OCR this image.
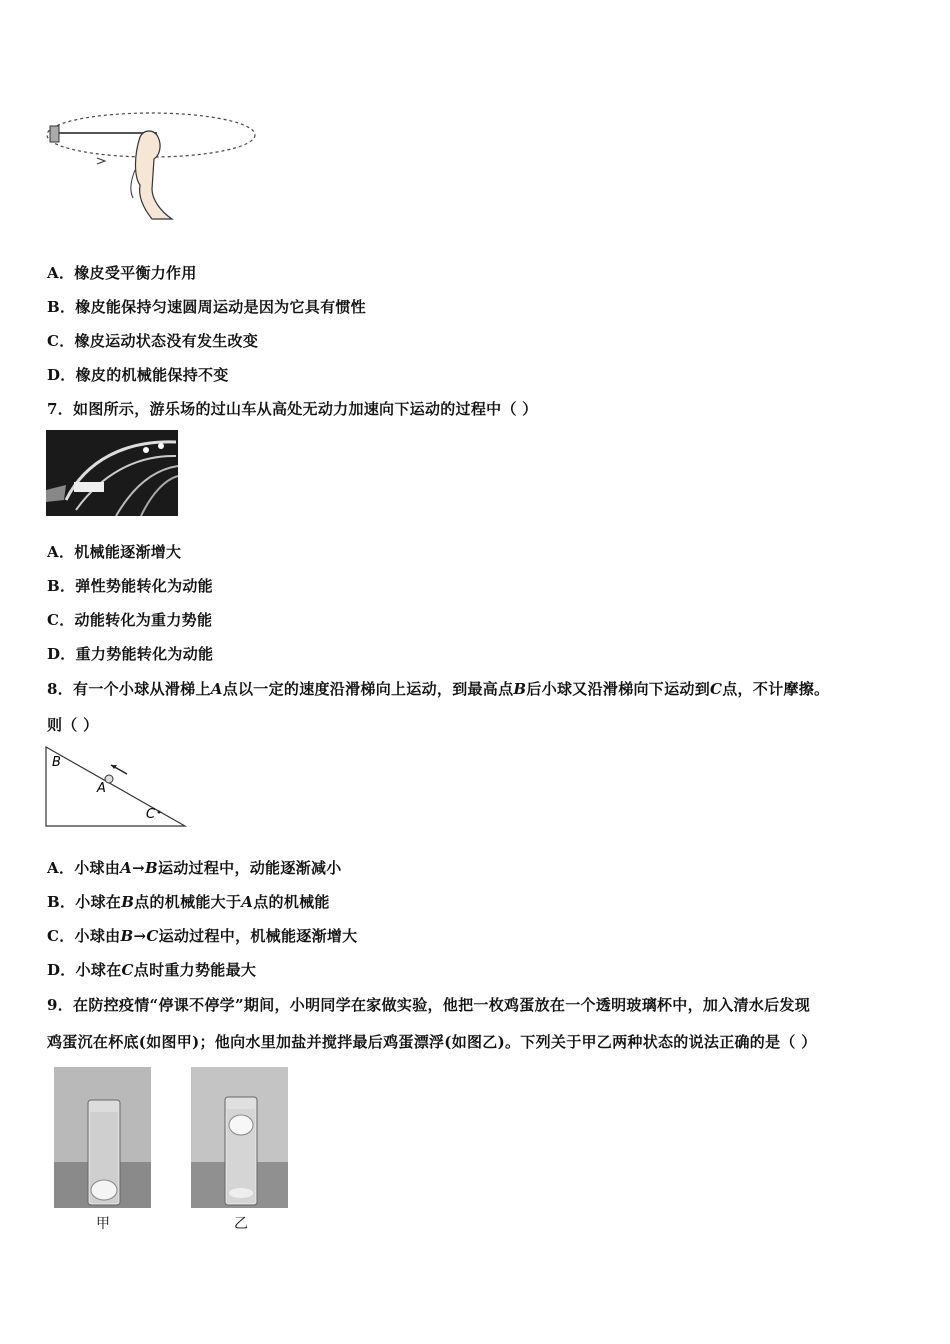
A．橡皮受平衡力作用
B．橡皮能保持匀速圆周运动是因为它具有惯性
C．橡皮运动状态没有发生改变
D．橡皮的机械能保持不变
7．如图所示，游乐场的过山车从高处无动力加速向下运动的过程中（ ）
A．机械能逐渐增大
B．弹性势能转化为动能
C．动能转化为重力势能
D．重力势能转化为动能
8．有一个小球从滑梯上A点以一定的速度沿滑梯向上运动，到最高点B后小球又沿滑梯向下运动到C点，不计摩擦。
则（ ）
B
A
C
A．小球由A→B运动过程中，动能逐渐减小
B．小球在B点的机械能大于A点的机械能
C．小球由B→C运动过程中，机械能逐渐增大
D．小球在C点时重力势能最大
9．在防控疫情“停课不停学”期间，小明同学在家做实验，他把一枚鸡蛋放在一个透明玻璃杯中，加入清水后发现
鸡蛋沉在杯底(如图甲)；他向水里加盐并搅拌最后鸡蛋漂浮(如图乙)。下列关于甲乙两种状态的说法正确的是（ ）
甲	乙
